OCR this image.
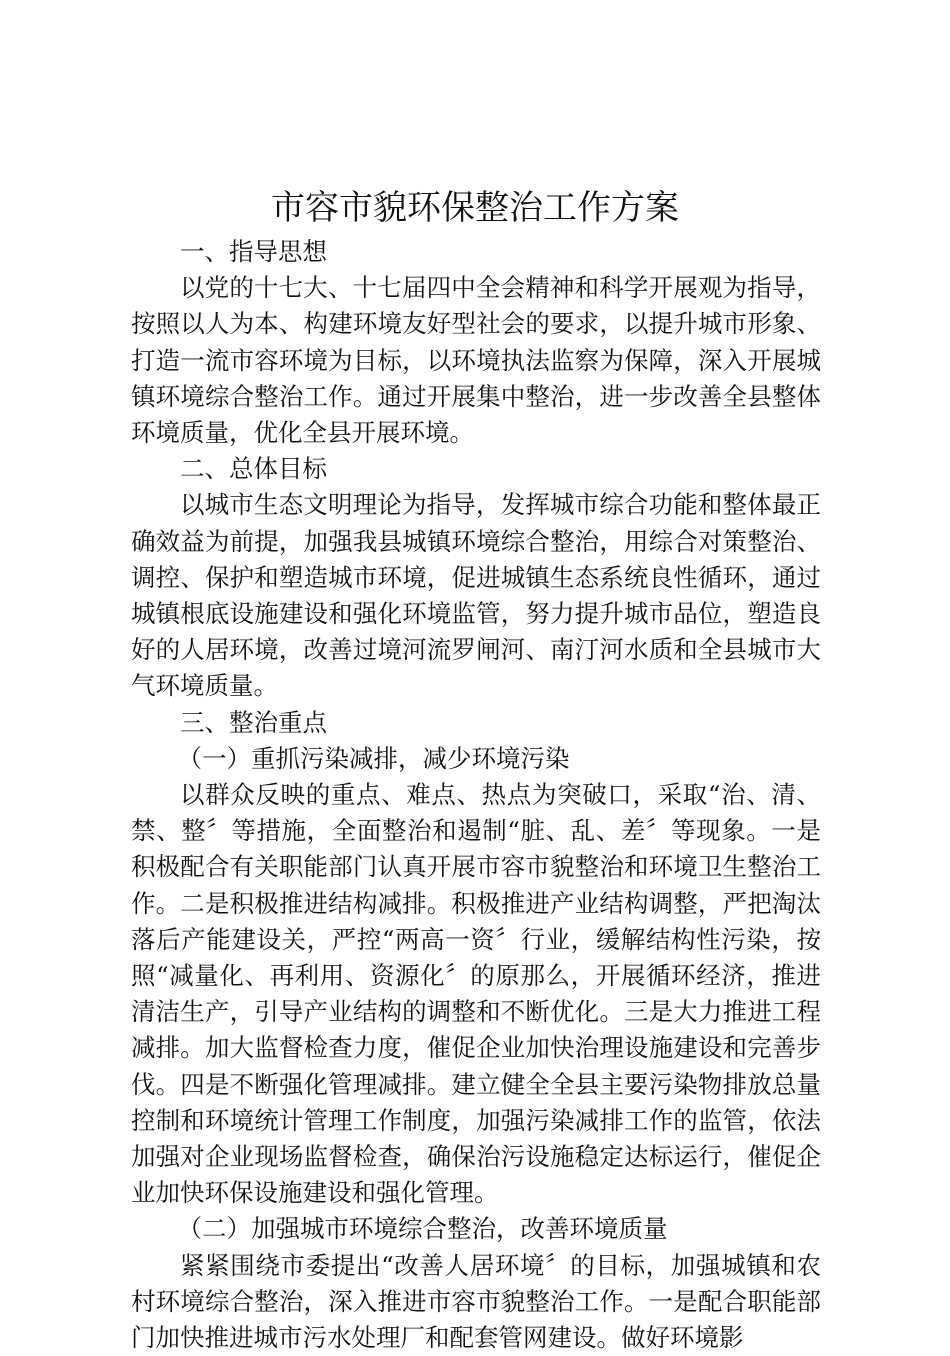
市容市貌环保整治工作方案

一、指导思想

以党的十七大、十七届四中全会精神和科学开展观为指导，按照以人为本、构建环境友好型社会的要求，以提升城市形象、打造一流市容环境为目标，以环境执法监察为保障，深入开展城镇环境综合整治工作。通过开展集中整治，进一步改善全县整体环境质量，优化全县开展环境。

二、总体目标

以城市生态文明理论为指导，发挥城市综合功能和整体最正确效益为前提，加强我县城镇环境综合整治，用综合对策整治、调控、保护和塑造城市环境，促进城镇生态系统良性循环，通过城镇根底设施建设和强化环境监管，努力提升城市品位，塑造良好的人居环境，改善过境河流罗闸河、南汀河水质和全县城市大气环境质量。

三、整治重点

（一）重抓污染减排，减少环境污染

以群众反映的重点、难点、热点为突破口，采取“治、清、禁、整〞等措施，全面整治和遏制“脏、乱、差〞等现象。一是积极配合有关职能部门认真开展市容市貌整治和环境卫生整治工作。二是积极推进结构减排。积极推进产业结构调整，严把淘汰落后产能建设关，严控“两高一资〞行业，缓解结构性污染，按照“减量化、再利用、资源化〞的原那么，开展循环经济，推进清洁生产，引导产业结构的调整和不断优化。三是大力推进工程减排。加大监督检查力度，催促企业加快治理设施建设和完善步伐。四是不断强化管理减排。建立健全全县主要污染物排放总量控制和环境统计管理工作制度，加强污染减排工作的监管，依法加强对企业现场监督检查，确保治污设施稳定达标运行，催促企业加快环保设施建设和强化管理。

（二）加强城市环境综合整治，改善环境质量

紧紧围绕市委提出“改善人居环境〞的目标，加强城镇和农村环境综合整治，深入推进市容市貌整治工作。一是配合职能部门加快推进城市污水处理厂和配套管网建设。做好环境影
